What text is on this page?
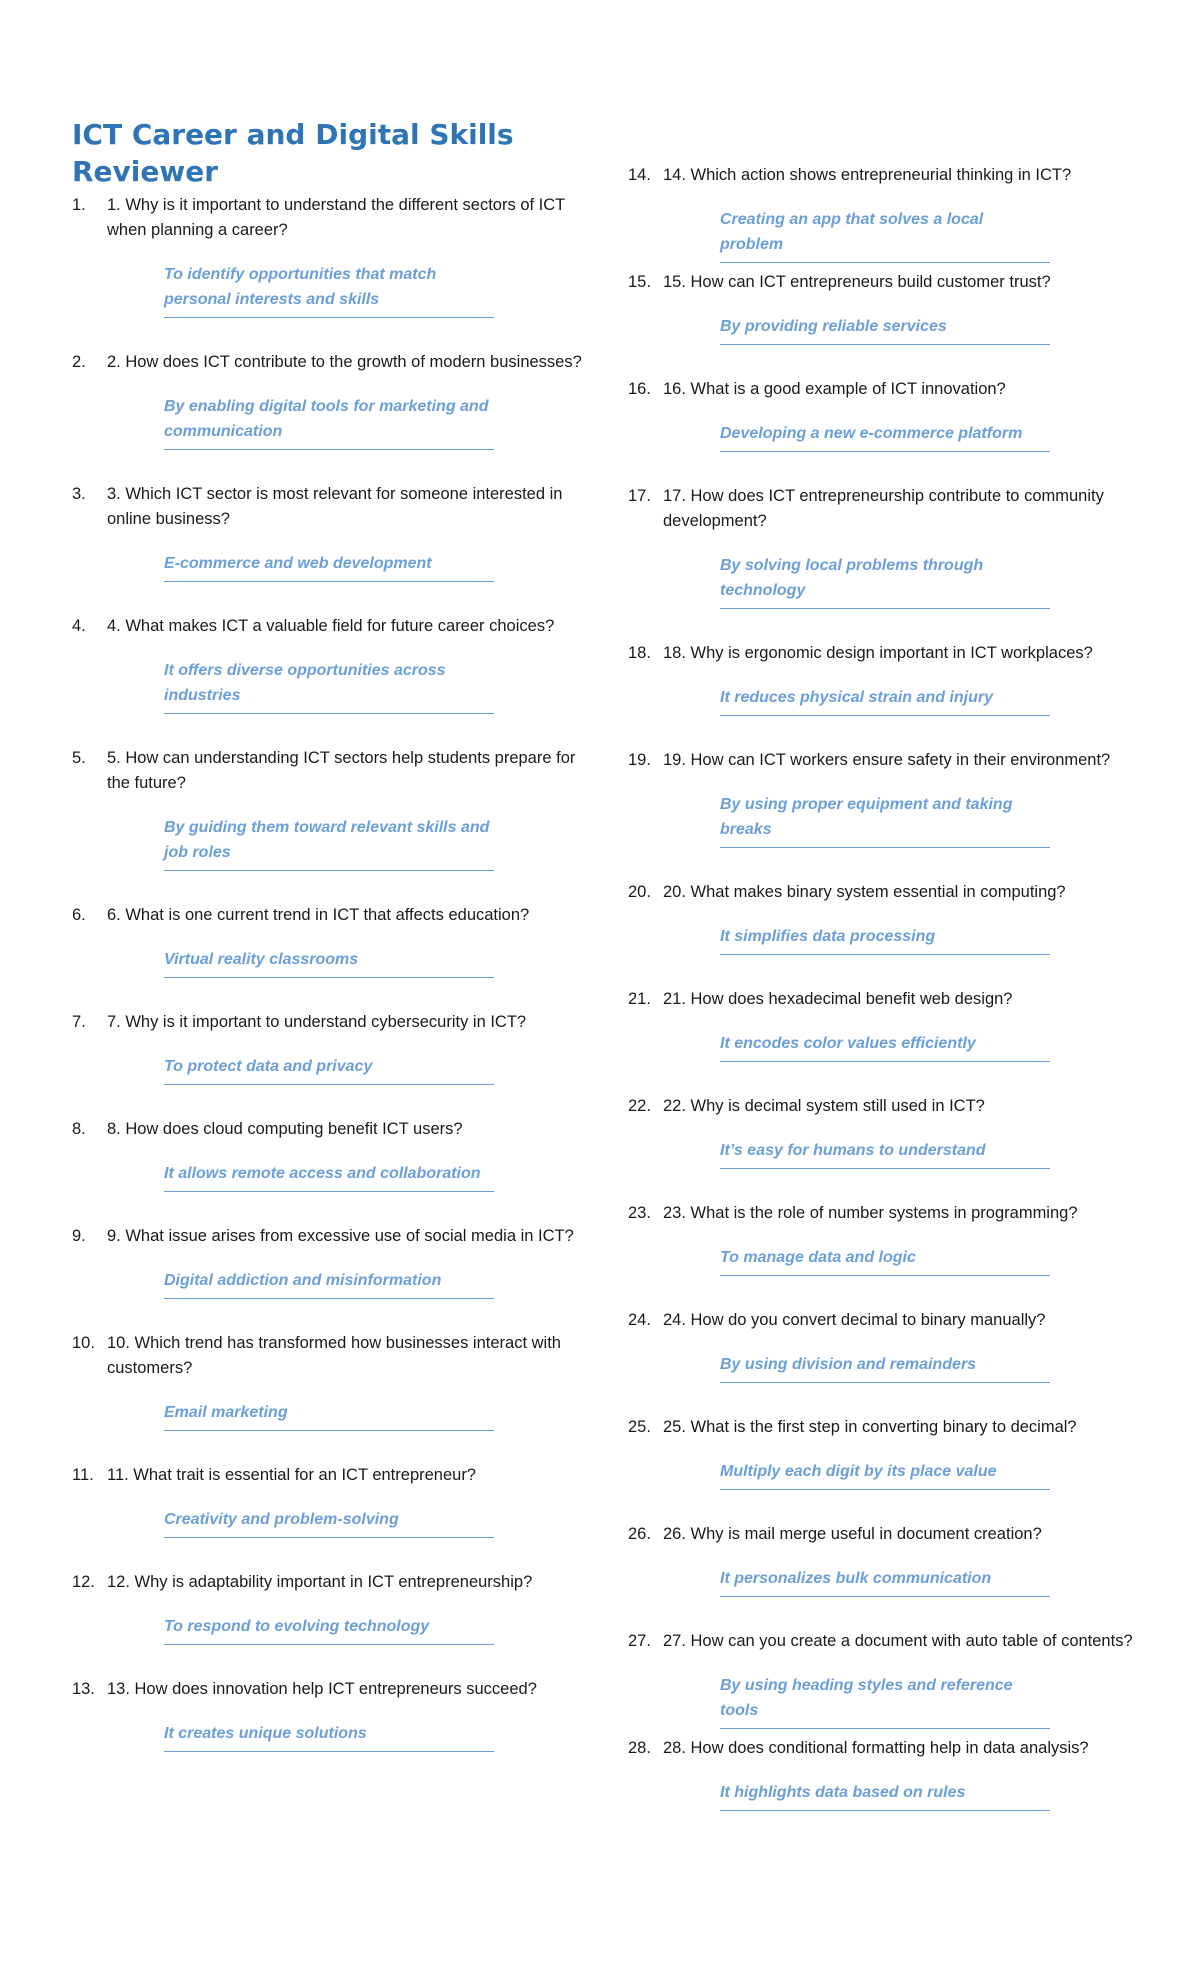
ICT Career and Digital Skills Reviewer
1.	1. Why is it important to understand the different sectors of ICT when planning a career?
To identify opportunities that match personal interests and skills
2.	2. How does ICT contribute to the growth of modern businesses?
By enabling digital tools for marketing and communication
3.	3. Which ICT sector is most relevant for someone interested in online business?
E-commerce and web development
4.	4. What makes ICT a valuable field for future career choices?
It offers diverse opportunities across industries
5.	5. How can understanding ICT sectors help students prepare for the future?
By guiding them toward relevant skills and job roles
6.	6. What is one current trend in ICT that affects education?
Virtual reality classrooms
7.	7. Why is it important to understand cybersecurity in ICT?
To protect data and privacy
8.	8. How does cloud computing benefit ICT users?
It allows remote access and collaboration
9.	9. What issue arises from excessive use of social media in ICT?
Digital addiction and misinformation
10. 10. Which trend has transformed how businesses interact with customers?
Email marketing
11. 11. What trait is essential for an ICT entrepreneur?
Creativity and problem-solving
12. 12. Why is adaptability important in ICT entrepreneurship?
To respond to evolving technology
13. 13. How does innovation help ICT entrepreneurs succeed?
It creates unique solutions
14. 14. Which action shows entrepreneurial thinking in ICT?
Creating an app that solves a local problem
15. 15. How can ICT entrepreneurs build customer trust?
By providing reliable services
16. 16. What is a good example of ICT innovation?
Developing a new e-commerce platform
17. 17. How does ICT entrepreneurship contribute to community development?
By solving local problems through technology
18. 18. Why is ergonomic design important in ICT workplaces?
It reduces physical strain and injury
19. 19. How can ICT workers ensure safety in their environment?
By using proper equipment and taking breaks
20. 20. What makes binary system essential in computing?
It simplifies data processing
21. 21. How does hexadecimal benefit web design?
It encodes color values efficiently
22. 22. Why is decimal system still used in ICT?
It’s easy for humans to understand
23. 23. What is the role of number systems in programming?
To manage data and logic
24. 24. How do you convert decimal to binary manually?
By using division and remainders
25. 25. What is the first step in converting binary to decimal?
Multiply each digit by its place value
26. 26. Why is mail merge useful in document creation?
It personalizes bulk communication
27. 27. How can you create a document with auto table of contents?
By using heading styles and reference tools
28. 28. How does conditional formatting help in data analysis?
It highlights data based on rules
